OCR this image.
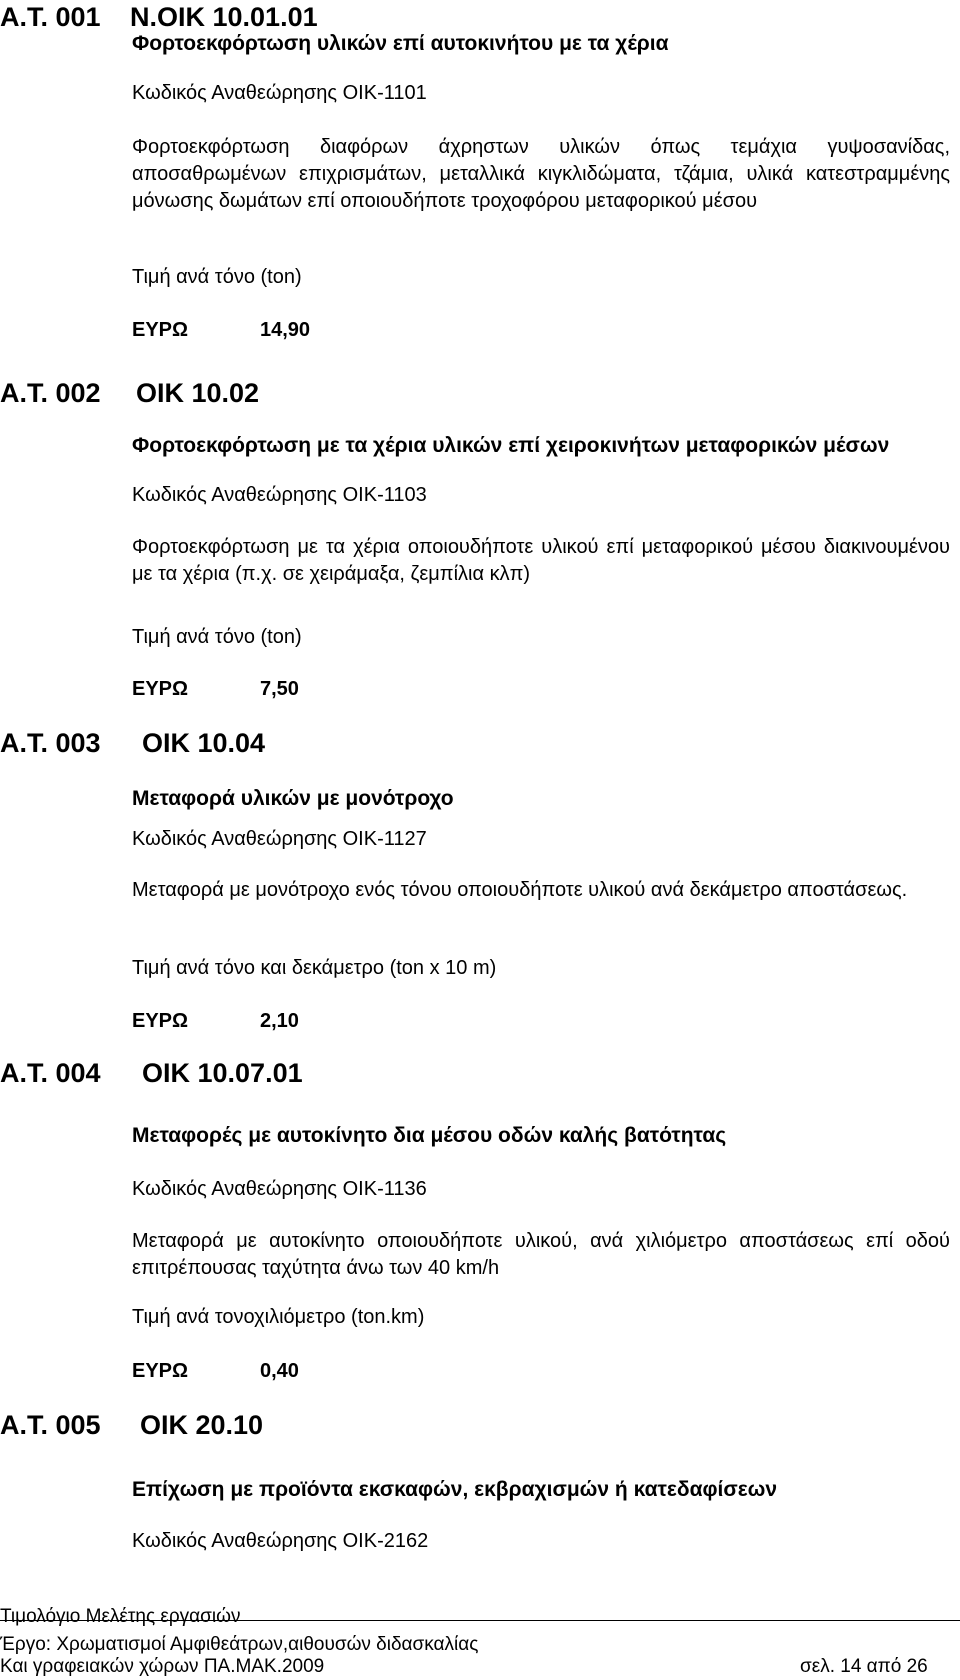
Α.Τ. 001 Ν.ΟΙΚ 10.01.01
Φορτοεκφόρτωση υλικών επί αυτοκινήτου με τα χέρια
Κωδικός Αναθεώρησης ΟΙΚ-1101
Φορτοεκφόρτωση διαφόρων άχρηστων υλικών όπως τεμάχια γυψοσανίδας, αποσαθρωμένων επιχρισμάτων, μεταλλικά κιγκλιδώματα, τζάμια, υλικά κατεστραμμένης μόνωσης δωμάτων επί οποιουδήποτε τροχοφόρου μεταφορικού μέσου
Τιμή ανά τόνο (ton)
ΕΥΡΩ	14,90
Α.Τ. 002 ΟΙΚ 10.02
Φορτοεκφόρτωση με τα χέρια υλικών επί χειροκινήτων μεταφορικών μέσων
Κωδικός Αναθεώρησης ΟΙΚ-1103
Φορτοεκφόρτωση με τα χέρια οποιουδήποτε υλικού επί μεταφορικού μέσου διακινουμένου με τα χέρια (π.χ. σε χειράμαξα, ζεμπίλια κλπ)
Τιμή ανά τόνο (ton)
ΕΥΡΩ	7,50
Α.Τ. 003 ΟΙΚ 10.04
Μεταφορά υλικών με μονότροχο
Κωδικός Αναθεώρησης ΟΙΚ-1127
Μεταφορά με μονότροχο ενός τόνου οποιουδήποτε υλικού ανά δεκάμετρο αποστάσεως.
Τιμή ανά τόνο και δεκάμετρο (ton x 10 m)
ΕΥΡΩ	2,10
Α.Τ. 004 ΟΙΚ 10.07.01
Μεταφορές με αυτοκίνητο δια μέσου οδών καλής βατότητας
Κωδικός Αναθεώρησης ΟΙΚ-1136
Μεταφορά με αυτοκίνητο οποιουδήποτε υλικού, ανά χιλιόμετρο αποστάσεως επί οδού επιτρέπουσας ταχύτητα άνω των 40 km/h
Τιμή ανά τονοχιλιόμετρο (ton.km)
ΕΥΡΩ	0,40
Α.Τ. 005 ΟΙΚ 20.10
Επίχωση με προϊόντα εκσκαφών, εκβραχισμών ή κατεδαφίσεων
Κωδικός Αναθεώρησης ΟΙΚ-2162
Τιμολόγιο Μελέτης εργασιών
Έργο: Χρωματισμοί Αμφιθεάτρων,αιθουσών διδασκαλίας
Και γραφειακών χώρων ΠΑ.ΜΑΚ.2009	σελ. 14 από 26
